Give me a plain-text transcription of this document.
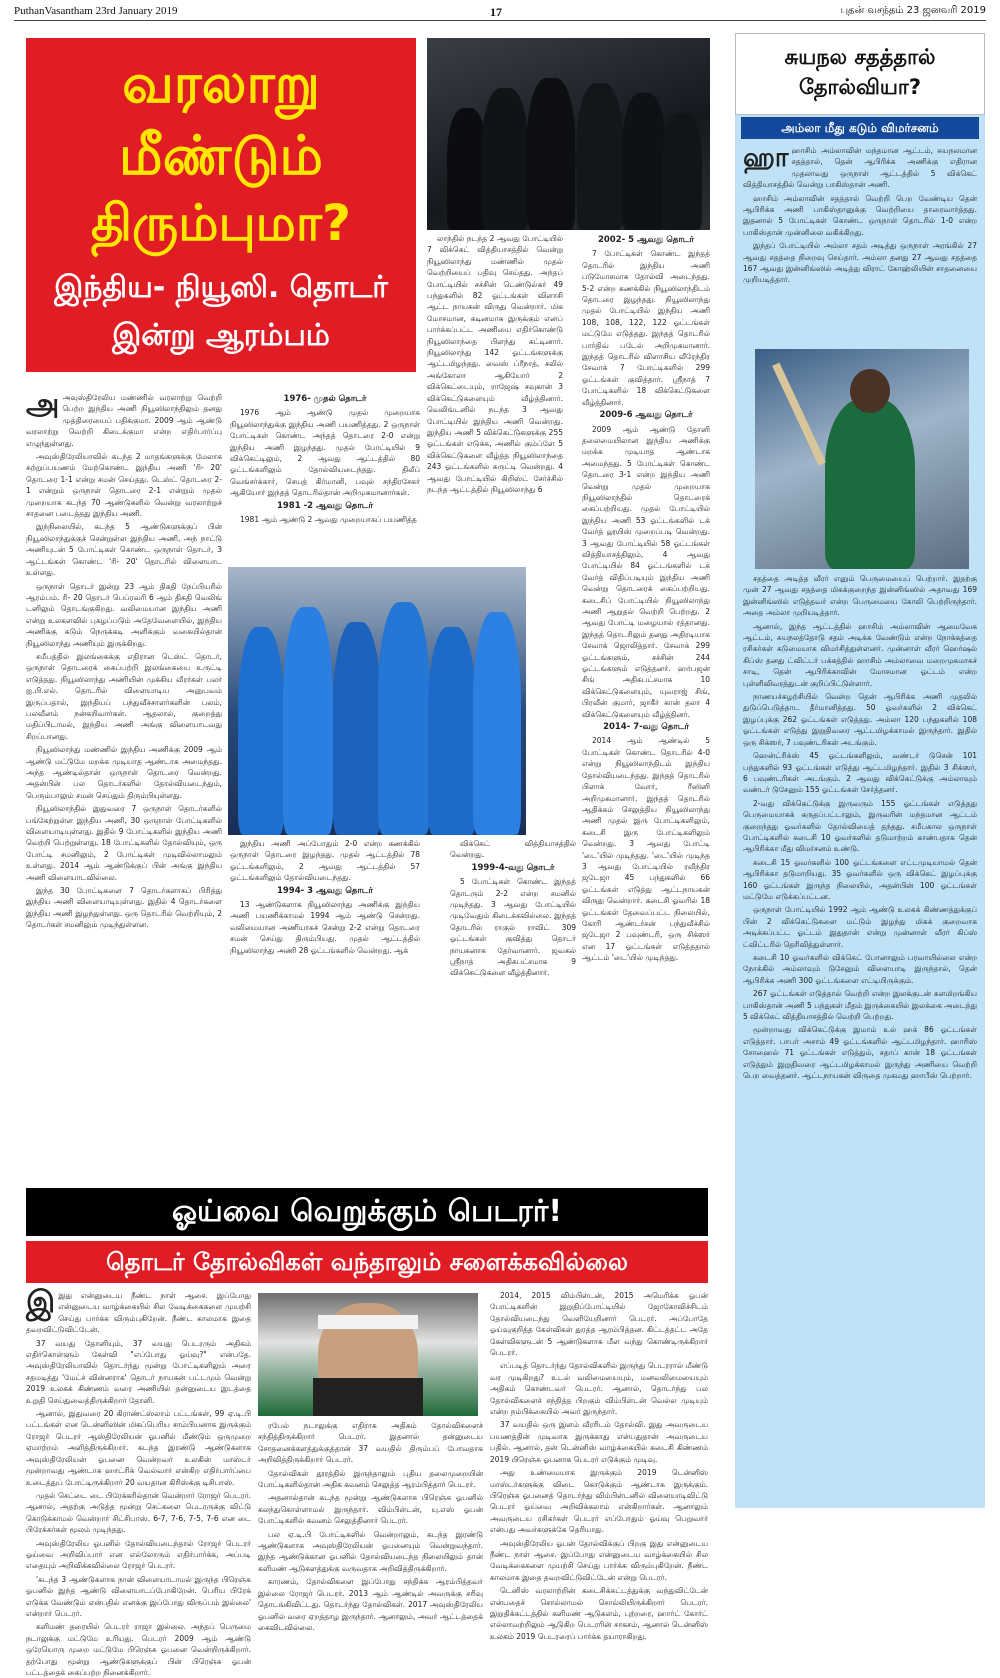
PuthanVasantham 23rd January 2019	17	புதன் வசந்தம் 23 ஜனவரி 2019
வரலாறு
மீண்டும்
திரும்புமா?
இந்திய- நியூஸி. தொடர்
இன்று ஆரம்பம்

அஅவுஸ்திரேலிய மண்ணில் வரலாற்று வெற்றி பெற்ற இந்திய அணி நியூஸிலாந்திலும் தனது முத்திரையைப் பதிக்குமா. 2009 ஆம் ஆண்டு வரலாற்று வெற்றி கிடைக்குமா என்ற எதிர்பார்ப்பு எழுந்துள்ளது.

அவுஸ்திரேலியாவில் கடந்த 2 மாதங்களுக்கு மேலாக சுற்றுப்பயணம் மேற்கொண்ட இந்திய அணி 'ரி- 20' தொடரை 1-1 என்று சமன் செய்தது. டெஸ்ட் தொடரை 2-1 என்றும் ஒருநாள் தொடரை 2-1 என்றும் முதல் முறையாக கடந்த 70 ஆண்டுகளில் வென்று வரலாற்றுச் சாதனை படைத்தது இந்திய அணி.

இந்நிலையில், கடந்த 5 ஆண்டுகளுக்குப் பின் நியூஸிலாந்துக்குச் சென்றுள்ள இந்திய அணி, அந் நாட்டு அணியுடன் 5 போட்டிகள் கொண்ட ஒருநாள் தொடர், 3 ஆட்டங்கள் கொண்ட 'ரி- 20' தொடரில் விளையாட உள்ளது.

ஒருநாள் தொடர் இன்று 23 ஆம் திகதி நேப்பியரில் ஆரம்பம். ரி- 20 தொடர் பெப்ரவரி 6 ஆம் திகதி வெலிங் டனிலும் தொடங்குகிறது. வலிமையான இந்திய அணி என்று உலகளவில் புகழப்படும் அதேவேளையில், இந்திய அணிக்கு கடும் நெருக்கடி அளிக்கும் வகையில்தான் நியூஸிலாந்து அணியும் இருக்கிறது.

சமீபத்தில் இலங்கைக்கு எதிரான டெஸ்ட் தொடர், ஒருநாள் தொடரைக் கைப்பற்றி இலங்கையை உருட்டி எடுத்தது. நியூஸிலாந்து அணியின் முக்கிய வீரர்கள் பலர் ஐ.பி.எல். தொடரில் விளையாடிய அனுபவம் இருப்பதால், இந்தியப் பந்துவீச்சாளர்களின் பலம், பலவீனம் நன்கறிவார்கள். ஆதலால், குறைத்து மதிப்பிடாமல், இந்திய அணி அங்கு விளையாடவது சிறப்பானது.

நியூஸிலாந்து மண்ணில் இந்திய அணிக்கு 2009 ஆம் ஆண்டு மட்டுமே மறக்க முடியாத ஆண்டாக அமைந்தது. அந்த ஆண்டில்தான் ஒருநாள் தொடரை வென்றது. அதன்பின் பல தொடர்களில் தோல்வியடைந்தும், பெரும்பாலும் சமன் செய்தும் திரும்பியுள்ளது.

நியூஸிலாந்தில் இதுவரை 7 ஒருநாள் தொடர்களில் பங்கேற்றுள்ள இந்திய அணி, 30 ஒருநாள் போட்டிகளில் விளையாடியுள்ளது. இதில் 9 போட்டிகளில் இந்திய அணி வெற்றி பெற்றுள்ளது. 18 போட்டிகளில் தோல்வியும், ஒரு போட்டி சமனிலும், 2 போட்டிகள் முடிவில்லாமலும் உள்ளது. 2014 ஆம் ஆண்டுக்குப் பின் அங்கு இந்திய அணி விளையாடவில்லை.

இந்த 30 போட்டிகளை 7 தொடர்களாகப் பிரித்து இந்திய அணி விளையாடியுள்ளது. இதில் 4 தொடர்களை இந்திய அணி இழந்துள்ளது. ஒரு தொடரில் வெற்றியும், 2 தொடர்கள் சமனிலும் முடிந்துள்ளன.

1976- முதல் தொடர்

1976 ஆம் ஆண்டு முதல் முறையாக நியூஸிலாந்துக்கு இந்திய அணி பயணித்தது. 2 ஒருநாள் போட்டிகள் கொண்ட அந்தத் தொடரை 2-0 என்று இந்திய அணி இழந்தது. முதல் போட்டியில் 9 விக்கெட்டிலும், 2 ஆவது ஆட்டத்தில் 80 ஓட்டங்களிலும் தோல்வியடைந்தது. திலீப் வெங்சர்க்கார், செயத் கிர்மானி, பவுல் சந்திரசேகர் ஆகியோர் இந்தத் தொடரில்தான் அறிமுகமானார்கள்.

1981 -2 ஆவது தொடர்

1981 ஆம் ஆண்டு 2 ஆவது முறையாகப் பயணித்த

இந்திய அணி அப்போதும் 2-0 என்ற கணக்கில் ஒருநாள் தொடரை இழந்தது. முதல் ஆட்டத்தில் 78 ஓட்டங்களிலும், 2 ஆவது ஆட்டத்தில் 57 ஓட்டங்களிலும் தோல்வியடைந்தது.

1994- 3 ஆவது தொடர்

13 ஆண்டுகளாக நியூஸிலாந்து அணிக்கு இந்திய அணி பயணிக்காமல் 1994 ஆம் ஆண்டு சென்றது. வலிமையான அணியாகச் சென்று 2-2 என்று தொடரை சமன் செய்து திரும்பியது. முதல் ஆட்டத்தில் நியூஸிலாந்து அணி 28 ஓட்டங்களில் வென்றது. ஆக்

லாந்தில் நடந்த 2 ஆவது போட்டியில் 7 விக்கெட் வித்தியாசத்தில் வென்று நியூஸிலாந்து மண்ணில் முதல் வெற்றியைப் பதிவு செய்தது. அந்தப் போட்டியில் சச்சின் டெண்டுல்கர் 49 பந்துகளில் 82 ஓட்டங்கள் விளாசி ஆட்ட நாயகன் விருது வென்றார். மிக மோசமான, கடினமாக இருக்கும் எனப் பார்க்கப்பட்ட அணியை எதிர்கொண்டு நியூஸிலாந்தை பிளந்து கட்டினார். நியூஸிலாந்து 142 ஓட்டங்களுக்கு ஆட்டமிழந்தது. வைஸ் ப்ரீநாத், சலில் அங்கோலா ஆகியோர் 2 விக்கெட்டையும், ராஜேஷ் சவுகான் 3 விக்கெட்டுகளையும் வீழ்த்தினார். வெலிங்டனில் நடந்த 3 ஆவது போட்டியில் இந்திய அணி வென்றது. இந்திய அணி 5 விக்கெட்டுகளுக்கு 255 ஓட்டங்கள் எடுக்க, அணில் கும்ப்ளே 5 விக்கெட்டுகளை வீழ்த்த நியூஸிலாந்தை 243 ஓட்டங்களில் சுருட்டி வென்றது. 4 ஆவது போட்டியில் கிறிஸ்ட் சேர்ச்சில் நடந்த ஆட்டத்தில் நியூஸிலாந்து 6

விக்கெட் வித்தியாசத்தில் வென்றது.

1999-4-வது தொடர்

5 போட்டிகள் கொண்ட இந்தத் தொடரும் 2-2 என்ற சமனில் முடிந்தது. 3 ஆவது போட்டியில் முடிவேதும் கிடைக்கவில்லை. இந்தத் தொடரில் ராகுல் ராவிட் 309 ஓட்டங்கள் குவித்து தொடர் நாயகனாக தேர்வானார். ஜவகல் ஸ்ரீநாத் அதிகபட்சமாக 9 விக்கெட்டுகளை வீழ்த்தினார்.

2002- 5 ஆவது தொடர்

7 போட்டிகள் கொண்ட இந்தத் தொடரில் இந்திய அணி படுமோசமாக தோல்வி அடைந்தது. 5-2 என்ற கணக்கில் நியூஸிலாந்திடம் தொடரை இழந்தது. நியூஸிலாந்து முதல் போட்டியில் இந்திய அணி 108, 108, 122, 122 ஓட்டங்கள் மட்டுமே எடுத்தது. இந்தத் தொடரில் பார்திவ் படேல் அறிமுகமானார். இந்தத் தொடரில் விளாசிய வீரேந்திர சேவாக் 7 போட்டிகளில் 299 ஓட்டங்கள் குவித்தார். ஸ்ரீநாத் 7 போட்டிகளில் 18 விக்கெட்டுகளை வீழ்த்தினார்.

2009-6 ஆவது தொடர்

2009 ஆம் ஆண்டு தோனி தலைமையிலான இந்திய அணிக்கு மறக்க முடியாத ஆண்டாக அமைந்தது. 5 போட்டிகள் கொண்ட தொடரை 3-1 என்ற இந்திய அணி வென்று முதல் முறையாக நியூஸிலாந்தில் தொடரைக் கைப்பற்றியது. முதல் போட்டியில் இந்திய அணி 53 ஓட்டங்களில் டக் வேர்த் லூயிஸ் முறைப்படி வென்றது. 3 ஆவது போட்டியில் 58 ஓட்டங்கள் வித்தியாசத்திலும், 4 ஆவது போட்டியில் 84 ஓட்டங்களில் டக் வேர்த் விதிப்படியும் இந்திய அணி வென்று தொடரைக் கைப்பற்றியது. கடைசிப் போட்டியில் நியூஸிலாந்து அணி ஆறுதல் வெற்றி பெற்றது. 2 ஆவது போட்டி மழையால் ரத்தானது. இந்தத் தொடரிலும் தனது அதிரடியாக சேவாக் ஜொலித்தார். சேவாக் 299 ஓட்டங்களும், சச்சின் 244 ஓட்டங்களும் எடுத்தனர். ஹர்பஜன் சிங் அதிகபட்சமாக 10 விக்கெட்டுகளையும், யுவராஜ் சிங், பிரவீன் குமார், ஜாகீர் கான் தலா 4 விக்கெட்டுகளையும் வீழ்த்தினர்.

2014- 7-வது தொடர்

2014 ஆம் ஆண்டில் 5 போட்டிகள் கொண்ட தொடரில் 4-0 என்று நியூஸிலாந்திடம் இந்திய தோல்வியடைந்தது. இந்தத் தொடரில் பிளாக் வோர், ரீஸினி அறிமுகமானார். இந்தத் தொடரில் ஆதிக்கம் செலுத்திய நியூஸிலாந்து அணி முதல் இரு போட்டிகளிலும், கடைசி இரு போட்டிகளிலும் வென்றது. 3 ஆவது போட்டி 'டை'யில் முடிந்தது. 'டை'யில் முடிந்த 3 ஆவது போட்டியில் ரவீந்திர ஜடேஜா 45 பந்துகளில் 66 ஓட்டங்கள் எடுத்து ஆட்டநாயகன் விருது வென்றார். கடைசி ஓவரில் 18 ஓட்டங்கள் தேவைப்பட்ட நிலையில், கோரி ஆண்டர்சன் பந்துவீச்சில் ஜடேஜா 2 பவுண்டரி, ஒரு சிக்ஸர் என 17 ஓட்டங்கள் எடுத்ததால் ஆட்டம் 'டை'யில் முடிந்தது.

சுயநல சதத்தால்
தோல்வியா?
அம்லா மீது கடும் விமர்சனம்

ஹாஹாசிம் அம்லாவின் மந்தமான ஆட்டம், சுயநலமான சதத்தால், தென் ஆபிரிக்க அணிக்கு எதிரான முதலாவது ஒருநாள் ஆட்டத்தில் 5 விக்கெட் வித்தியாசத்தில் வென்று பாகிஸ்தான் அணி.

ஹாசிம் அம்லாவின் சதத்தால் வெற்றி பெற வேண்டிய தென் ஆபிரிக்க அணி பாகிஸ்தானுக்கு வெற்றியை தாரைவார்த்தது. இதனால் 5 போட்டிகள் கொண்ட ஒருநாள் தொடரில் 1-0 என்ற பாகிஸ்தான் முன்னிலை வகிக்கிறது.

இந்தப் போட்டியில் அம்லா சதம் அடித்து ஒருநாள் அரங்கில் 27 ஆவது சதத்தை நிறைவு செய்தார். அம்லா தனது 27 ஆவது சதத்தை 167 ஆவது இன்னிங்ஸில் அடித்து விராட் கோஹ்லியின் சாதனையை முறியடித்தார்.

சதத்தை அடித்த வீரர் எனும் பெருமையைப் பெற்றார். இதற்கு முன் 27 ஆவது சதத்தை மிகக்குறைந்த இன்னிங்ஸில் அதாவது 169 இன்னிங்ஸில் எடுத்தவர் என்ற பெருமையை கோலி பெற்றிருந்தார். அதை அம்லா முறியடித்தார்.

ஆனால், இந்த ஆட்டத்தில் ஹாசிம் அம்லாவின் ஆமைவேக ஆட்டம், சுயநலத்தோடு சதம் அடிக்க வேண்டும் என்ற நோக்கத்தை ரசிகர்கள் கடுமையாக விமர்சித்துள்ளனர். முன்னாள் வீரர் ஹெர்ஷல் கிப்ஸ் தனது ட்விட்டர் பக்கத்தில் ஹாசிம் அம்லாவை மறைமுகமாகச் சாடி, தென் ஆபிரிக்காவின் மோசமான ஓட்டம் என்ற புள்ளிவிவரத்துடன் குறிப்பிட்டுள்ளார்.

நாணயச்சுழற்சியில் வென்ற தென் ஆபிரிக்க அணி முதலில் துடுப்பெடுத்தாட தீர்மானித்தது. 50 ஓவர்களில் 2 விக்கெட் இழப்புக்கு 262 ஓட்டங்கள் எடுத்தது. அம்லா 120 பந்துகளில் 108 ஓட்டங்கள் எடுத்து இறுதிவரை ஆட்டமிழக்காமல் இருந்தார். இதில் ஒரு சிக்ஸர், 7 பவுண்டரிகள் அடங்கும்.

ஹென்ட்ரிக்ஸ் 45 ஓட்டங்களிலும், வண்டர் டுசென் 101 பந்துகளில் 93 ஓட்டங்கள் எடுத்து ஆட்டமிழந்தார். இதில் 3 சிக்ஸர், 6 பவுண்டரிகள் அடங்கும். 2 ஆவது விக்கெட்டுக்கு அம்லாவும் வண்டர் டுசேனும் 155 ஓட்டங்கள் சேர்த்தனர்.

2-வது விக்கெட்டுக்கு இருவரும் 155 ஓட்டங்கள் எடுத்தது பெருமையாகக் கருதப்பட்டாலும், இருவரின் மந்தமான ஆட்டம் குறைந்தது ஓவர்களில் தோல்வியைத் தந்தது. சமீபகால ஒருநாள் போட்டிகளில் கடைசி 10 ஓவர்களில் தடுமாற்றம் காண்பதாக தென் ஆபிரிக்கா மீது விமர்சனம் உண்டு.

கடைசி 15 ஓவர்களில் 100 ஓட்டங்களை எட்டமுடியாமல் தென் ஆபிரிக்கா தடுமாறியது. 35 ஓவர்களில் ஒரு விக்கெட் இழப்புக்கு 160 ஓட்டங்கள் இருந்த நிலையில், அதன்பின் 100 ஓட்டங்கள் மட்டுமே எடுக்கப்பட்டன.

ஒருநாள் போட்டியில் 1992 ஆம் ஆண்டு உலகக் கிண்ணத்துக்குப் பின் 2 விக்கெட்டுகளை மட்டும் இழந்து மிகக் குறைவாக அடிக்கப்பட்ட ஓட்டம் இதுதான் என்று முன்னாள் வீரர் கிப்ஸ் ட்விட்டரில் தெரிவித்துள்ளார்.

கடைசி 10 ஓவர்களில் விக்கெட் போனாலும் பரவாயில்லை என்ற நோக்கில் அம்லாவும் டுசேனும் விளையாடி இருந்தால், தென் ஆபிரிக்க அணி 300 ஓட்டங்களை எட்டியிருக்கும்.

267 ஓட்டங்கள் எடுத்தால் வெற்றி என்ற இலக்குடன் களமிறங்கிய பாகிஸ்தான் அணி 5 பந்துகள் மீதம் இருக்கையில் இலக்கை அடைந்து 5 விக்கெட் வித்தியாசத்தில் வெற்றி பெற்றது.

மூன்றாவது விக்கெட்டுக்கு இமாம் உல் ஹக் 86 ஓட்டங்கள் எடுத்தார். பாபர் அசாம் 49 ஓட்டங்களில் ஆட்டமிழந்தார். ஹாரிஸ் சோஹைல் 71 ஓட்டங்கள் எடுத்தும், சதாப் கான் 18 ஓட்டங்கள் எடுத்தும் இறுதிவரை ஆட்டமிழக்காமல் இருந்து அணியை வெற்றி பெற வைத்தனர். ஆட்டநாயகன் விருதை முகமது ஹாபீஸ் பெற்றார்.

ஓய்வை வெறுக்கும் பெடரர்!
தொடர் தோல்விகள் வந்தாலும் சளைக்கவில்லை

இஇது என்னுடைய நீண்ட நாள் ஆசை. இப்போது என்னுடைய வாழ்க்கையில் சில வேடிக்கைகளை முயற்சி செய்து பார்க்க விரும்புகிறேன். நீண்ட காலமாக இதை தவறவிட்டுவிட்டேன்.

37 வயது தோனியும், 37 வயது பெடரரும் அதிகம் எதிர்கொள்ளும் கேள்வி "எப்போது ஓய்வு?" என்பதே. அவுஸ்திரேலியாவில் தொடர்ந்து மூன்று போட்டிகளிலும் அரை சதமடித்து 'மேட்ச் வின்னராக' தொடர் நாயகன் பட்டமும் வென்று 2019 உலகக் கிண்ணம் வரை அணியில் தன்னுடைய இடத்தை உறுதி செய்துவைத்திருக்கிறார் தோனி.

ஆனால், இதுவரை 20 கிராண்ட்ஸ்லாம் பட்டங்கள், 99 ஏ.டி.பி பட்டங்கள் என டென்னிஸின் மிகப்பெரிய சாம்பியனாக இருக்கும் ரோஜர் பெடரர் ஆஸ்திரேலியன் ஓபனில் மீண்டும் ஒருமுறை ஏமாற்றம் அளித்திருக்கிறார். கடந்த இரண்டு ஆண்டுகளாக அவுஸ்திரேலியன் ஓபனை வென்றவர் உலகின் மாஸ்டர் மூன்றாவது ஆண்டாக ஹாட்ரிக் வெல்வார் என்கிற எதிர்பார்ப்பை உடைத்துப் போட்டிருக்கிறார் 20 வயதான கிரிஸ்க்கு டிசிபாஸ்.

முதல் செட்டை டை பிரேக்கரில்தான் வென்றார் ரோஜர் பெடரர். ஆனால், அதற்கு அடுத்த மூன்று செட்களை பெடரருக்கு விட்டு கொடுக்காமல் வென்றார் சிட்சிபாஸ். 6-7, 7-6, 7-5, 7-6 என டை பிரேக்கர்கள் மூலம் முடிந்தது.

அவுஸ்திரேலிய ஓபனில் தோல்வியடைந்தால் ரோஜர் பெடரர் ஓய்வை அறிவிப்பார் என எல்லோரும் எதிர்பார்க்க, அப்படி எதையும் அறிவிக்கவில்லை ரோஜர் பெடரர்.

'கடந்த 3 ஆண்டுகளாக நான் விளையாடாமல் இருந்த பிரெஞ்சு ஓபனில் இந்த ஆண்டு விளையாடப்போகிறேன். பெரிய பிரேக் எடுக்க வேண்டும் என்பதில் எனக்கு இப்போது விருப்பம் இல்லை' என்றார் பெடரர்.

களிமண் தரையில் பெடரர் ராஜா இல்லை. அந்தப் பெருமை நடாலுக்கு மட்டுமே உரியது. பெடரர் 2009 ஆம் ஆண்டு ஒரேயொரு முறை மட்டுமே பிரெஞ்சு ஓபனை வென்றிருக்கிறார். தற்போது மூன்று ஆண்டுகளுக்குப் பின் பிரெஞ்சு ஓபன் பட்டத்தைக் கைப்பற்ற நினைக்கிறார்.

ரபேல் நடாலுக்கு எதிராக அதிகம் தோல்விகளைச் சந்தித்திருக்கிறார் பெடரர். இதனால் தன்னுடைய சோதனைக்களத்துக்குத்தான் 37 வயதில் திரும்பப் போவதாக அறிவித்திருக்கிறார் பெடரர்.

தோல்விகள் தூரத்தில் இருந்தாலும் புதிய தலைமுறையின் போட்டிகளில்தான் அதிக கவனம் செலுத்த ஆரம்பித்தார் பெடரர்.

அதனால்தான் கடந்த மூன்று ஆண்டுகளாக பிரெஞ்சு ஓபனில் கலந்துகொள்ளாமல் இருந்தார். விம்பிள்டன், யு.எஸ் ஓபன் போட்டிகளில் கவனம் செலுத்தினார் பெடரர்.

பல ஏ.டி.பி போட்டிகளில் வென்றாலும், கடந்த இரண்டு ஆண்டுகளாக அவுஸ்திரேலியன் ஓபனையும் வென்றுவந்தார். இந்த ஆண்டுக்கான ஓபனில் தோல்வியடைந்த நிலையிலும் தான் களிமண் ஆடுகளத்துக்கு வருவதாக அறிவித்திருக்கிறார்.

காரணம், தோல்விகளை இப்போது சந்திக்க ஆரம்பித்தவர் இல்லை ரோஜர் பெடரர். 2013 ஆம் ஆண்டில் அவருக்கு சரிவு தொடங்கிவிட்டது. தொடர்ந்து தோல்விகள். 2017 அவுஸ்திரேலிய ஓபனில் வரை ஏறத்தாழ இருந்தார். ஆனாலும், அவர் ஆட்டத்தைக் கைவிடவில்லை.

2014, 2015 விம்பிள்டன், 2015 அமெரிக்க ஓபன் போட்டிகளின் இறுதிப்போட்டியில் ஜோகோவிச்சிடம் தோல்வியடைந்து வெளியேறினார் பெடரர். அப்போதே ஓய்வுகுறித்த கேள்விகள் துரத்த ஆரம்பித்தன. கிட்டத்தட்ட அதே கேள்விகளுடன் 5 ஆண்டுகளாக மீள வந்து கொண்டிருக்கிறார் பெடரர்.

எப்படித் தொடர்ந்து தோல்விகளில் இருந்து பெடரரால் மீண்டு வர முடிகிறது? உடல் வலிமையையும், மனவலிமையையும் அதிகம் கொண்டவர் பெடரர். ஆனால், தொடர்ந்து பல தோல்விகளைச் சந்தித்த பிறகும் விம்பிள்டன் வெல்ல முடியும் என்ற நம்பிக்கையில் அவர் இருந்தார்.

37 வயதில் ஒரு இளம் வீரரிடம் தோல்வி. இது அவருடைய பயணத்தின் முடிவாக இருக்காது என்பதுதான் அவருடைய பதில். ஆனால், தன் டென்னிஸ் வாழ்க்கையில் கடைசி கிண்ணம் 2019 பிரெஞ்சு ஓபனாக பெடரர் எடுக்கும் முடிவு.

அது உண்மையாக இருக்கும் 2019 டென்னிஸ் மாஸ்டர்களுக்கு விடை கொடுக்கும் ஆண்டாக இருக்கும். பிரெஞ்சு ஓபனைத் தொடர்ந்து விம்பிள்டனில் விளையாடிவிட்டு பெடரர் ஓய்வை அறிவிக்கலாம் என்கிறார்கள். ஆனாலும் அவருடைய ரசிகர்கள் பெடரர் எப்போதும் ஓய்வு பெறுவார் என்பது அவர்களுக்கே தெரியாது.

அவுஸ்திரேலிய ஓபன் தோல்விக்குப் பிறகு இது என்னுடைய நீண்ட நாள் ஆசை. இப்போது என்னுடைய வாழ்க்கையில் சில வேடிக்கைகளை முயற்சி செய்து பார்க்க விரும்புகிறேன். நீண்ட காலமாக இதை தவறவிட்டுவிட்டேன் என்று பெடரர்.

டெனிஸ் வரலாற்றின் கடைசிக்கட்டத்துக்கு வந்துவிட்டேன் என்பதைச் சொல்லாமல் சொல்லியிருக்கிறார் பெடரர். இறுதிக்கட்டத்தில் களிமண் ஆடுகளம், புற்றரை, ஹார்ட் கோர்ட் எல்லாவற்றிலும் ஆடுகிற பெடரரின் சாகசம், ஆனால் டென்னிஸ் உலகம் 2019 பெடரரைப் பார்க்க தயாராகிறது.
